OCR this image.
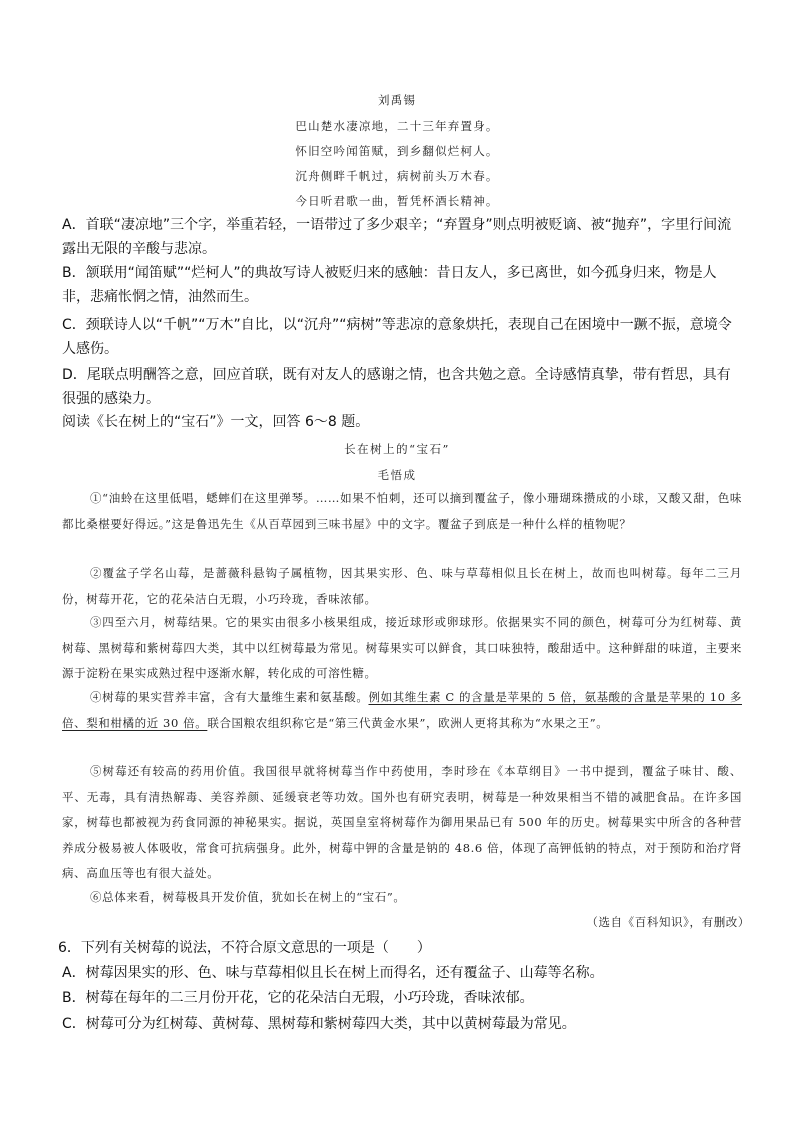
刘禹锡
巴山楚水凄凉地，二十三年弃置身。
怀旧空吟闻笛赋，到乡翻似烂柯人。
沉舟侧畔千帆过，病树前头万木春。
今日听君歌一曲，暂凭杯酒长精神。
A．首联“凄凉地”三个字，举重若轻，一语带过了多少艰辛；“弃置身”则点明被贬谪、被“抛弃”，字里行间流露出无限的辛酸与悲凉。
B．颔联用“闻笛赋”“烂柯人”的典故写诗人被贬归来的感触：昔日友人，多已离世，如今孤身归来，物是人非，悲痛怅惘之情，油然而生。
C．颈联诗人以“千帆”“万木”自比，以“沉舟”“病树”等悲凉的意象烘托，表现自己在困境中一蹶不振，意境令人感伤。
D．尾联点明酬答之意，回应首联，既有对友人的感谢之情，也含共勉之意。全诗感情真挚，带有哲思，具有很强的感染力。
阅读《长在树上的“宝石”》一文，回答 6～8 题。
长在树上的“宝石”
毛悟成
①“油蛉在这里低唱，蟋蟀们在这里弹琴。……如果不怕刺，还可以摘到覆盆子，像小珊瑚珠攒成的小球，又酸又甜，色味都比桑椹要好得远。”这是鲁迅先生《从百草园到三味书屋》中的文字。覆盆子到底是一种什么样的植物呢？
②覆盆子学名山莓，是蔷薇科悬钩子属植物，因其果实形、色、味与草莓相似且长在树上，故而也叫树莓。每年二三月份，树莓开花，它的花朵洁白无瑕，小巧玲珑，香味浓郁。
③四至六月，树莓结果。它的果实由很多小核果组成，接近球形或卵球形。依据果实不同的颜色，树莓可分为红树莓、黄树莓、黑树莓和紫树莓四大类，其中以红树莓最为常见。树莓果实可以鲜食，其口味独特，酸甜适中。这种鲜甜的味道，主要来源于淀粉在果实成熟过程中逐渐水解，转化成的可溶性糖。
④树莓的果实营养丰富，含有大量维生素和氨基酸。例如其维生素 C 的含量是苹果的 5 倍，氨基酸的含量是苹果的 10 多倍、梨和柑橘的近 30 倍。联合国粮农组织称它是“第三代黄金水果”，欧洲人更将其称为“水果之王”。
⑤树莓还有较高的药用价值。我国很早就将树莓当作中药使用，李时珍在《本草纲目》一书中提到，覆盆子味甘、酸、平、无毒，具有清热解毒、美容养颜、延缓衰老等功效。国外也有研究表明，树莓是一种效果相当不错的减肥食品。在许多国家，树莓也都被视为药食同源的神秘果实。据说，英国皇室将树莓作为御用果品已有 500 年的历史。树莓果实中所含的各种营养成分极易被人体吸收，常食可抗病强身。此外，树莓中钾的含量是钠的 48.6 倍，体现了高钾低钠的特点，对于预防和治疗肾病、高血压等也有很大益处。
⑥总体来看，树莓极具开发价值，犹如长在树上的“宝石”。
（选自《百科知识》，有删改）
6．下列有关树莓的说法，不符合原文意思的一项是（　　）
A．树莓因果实的形、色、味与草莓相似且长在树上而得名，还有覆盆子、山莓等名称。
B．树莓在每年的二三月份开花，它的花朵洁白无瑕，小巧玲珑，香味浓郁。
C．树莓可分为红树莓、黄树莓、黑树莓和紫树莓四大类，其中以黄树莓最为常见。
